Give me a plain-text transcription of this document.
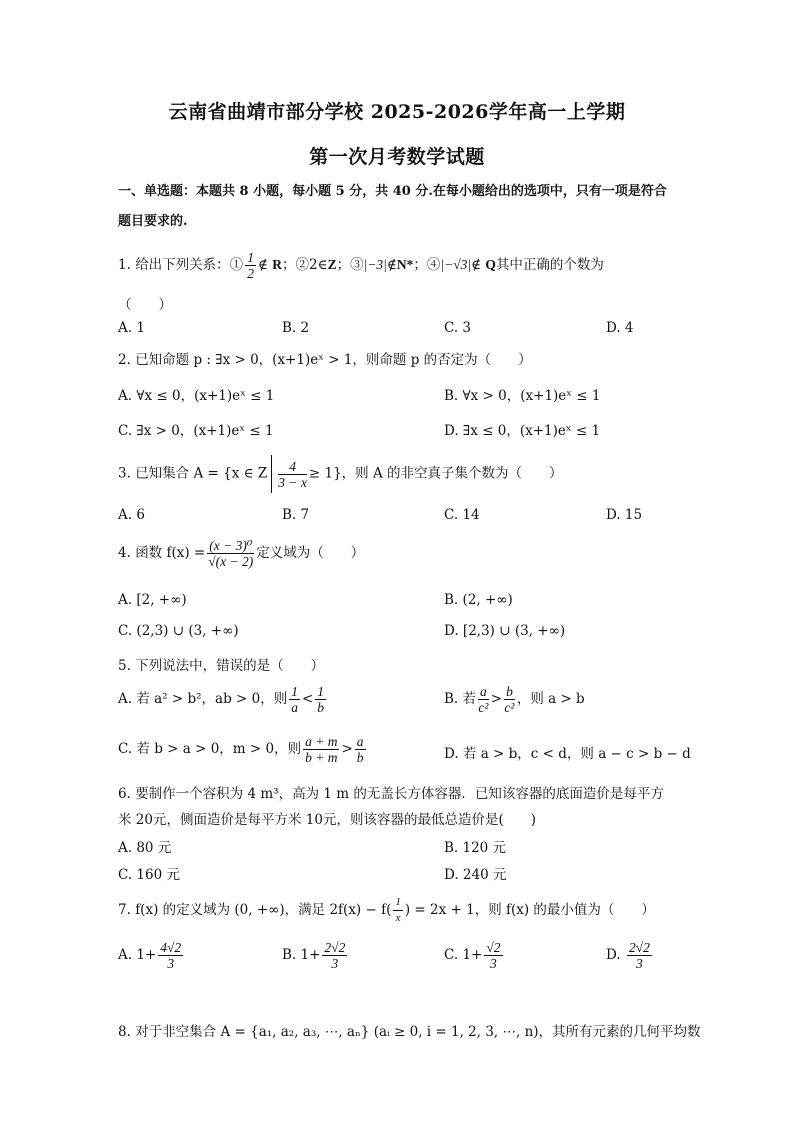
云南省曲靖市部分学校 2025-2026学年高一上学期
第一次月考数学试题
一、单选题：本题共 8 小题，每小题 5 分，共 40 分.在每小题给出的选项中，只有一项是符合题目要求的.
1. 给出下列关系：① $\frac{1}{2}$ ∉ R；②2∈Z；③|−3|∉N*；④|−√3|∉ Q其中正确的个数为
（　　）
A. 1	B. 2	C. 3	D. 4
2. 已知命题 p : ∃x > 0，(x+1)eˣ > 1，则命题 p 的否定为（　　）
A. ∀x ≤ 0，(x+1)eˣ ≤ 1	B. ∀x > 0，(x+1)eˣ ≤ 1
C. ∃x > 0，(x+1)eˣ ≤ 1	D. ∃x ≤ 0，(x+1)eˣ ≤ 1
3. 已知集合 A = {x ∈ Z $\frac{4}{3 - x} \ge 1$}，则 A 的非空真子集个数为（　　）
A. 6	B. 7	C. 14	D. 15
4. 函数 $f(x) = \frac{\text{(x − 3)⁰}}{√(x - 2)}$ 定义域为（　　）
A. [2, +∞)	B. (2, +∞)
C. (2,3) ∪ (3, +∞)	D. [2,3) ∪ (3, +∞)
5. 下列说法中，错误的是（　　）
A. 若 a² > b²，ab > 0，则 $\frac{1}{a} < \frac{1}{b}$	B. 若 $\frac{a}{\text{c²}} > \frac{b}{\text{c²}}$ ，则 a > b
C. 若 b > a > 0，m > 0，则 $\frac{a + m}{b + m} > \frac{a}{b}$	D. 若 a > b，c < d，则 a − c > b − d
6. 要制作一个容积为 4 m³，高为 1 m 的无盖长方体容器．已知该容器的底面造价是每平方
米 20元，侧面造价是每平方米 10元，则该容器的最低总造价是(　　)
A. 80 元	B. 120 元
C. 160 元	D. 240 元
7. f(x) 的定义域为 (0, +∞)，满足 $2f(x) - f( \frac{1}{x}$ ) = 2x + 1，则 f(x) 的最小值为（　　）
A. $1+ \frac{4√2}{3}$	B. $1+ \frac{2√2}{3}$	C. $1+ \frac{√2}{3}$	D. $\frac{2√2}{3}$
8. 对于非空集合 A = {a₁, a₂, a₃, ⋯, aₙ} (aᵢ ≥ 0, i = 1, 2, 3, ⋯, n)，其所有元素的几何平均数
